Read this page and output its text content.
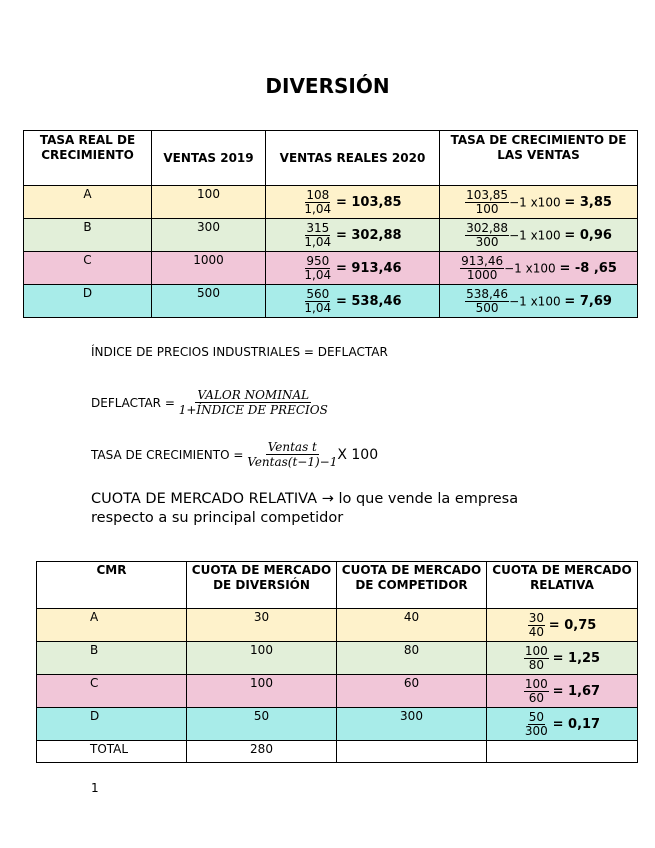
DIVERSIÓN
TASA REAL DE CRECIMIENTO	VENTAS 2019	VENTAS REALES 2020	TASA DE CRECIMIENTO DE LAS VENTAS
A	100	$\frac{108}{1,04} = 103,85$	$\frac{103,85}{100} -1$ x100 = 3,85
B	300	$\frac{315}{1,04} = 302,88$	$\frac{302,88}{300} -1$ x100 = 0,96
C	1000	$\frac{950}{1,04} = 913,46$	$\frac{913,46}{1000} -1$ x100 = -8 ,65
D	500	$\frac{560}{1,04} = 538,46$	$\frac{538,46}{500} -1$ x100 = 7,69
ÍNDICE DE PRECIOS INDUSTRIALES = DEFLACTAR
DEFLACTAR =
$\frac{\text{VALOR NOMINAL}}{\text{1+ÍNDICE DE PRECIOS}}$
TASA DE CRECIMIENTO =
$\frac{\text{Ventas t}}{\text{Ventas(t−1)−1}}$ X 100
CUOTA DE MERCADO RELATIVA → lo que vende la empresa
respecto a su principal competidor
CMR	CUOTA DE MERCADO DE DIVERSIÓN	CUOTA DE MERCADO DE COMPETIDOR	CUOTA DE MERCADO RELATIVA
A	30	40	$\frac{30}{40} = 0,75$
B	100	80	$\frac{100}{80} = 1,25$
C	100	60	$\frac{100}{60} = 1,67$
D	50	300	$\frac{50}{300} = 0,17$
TOTAL	280		
1
